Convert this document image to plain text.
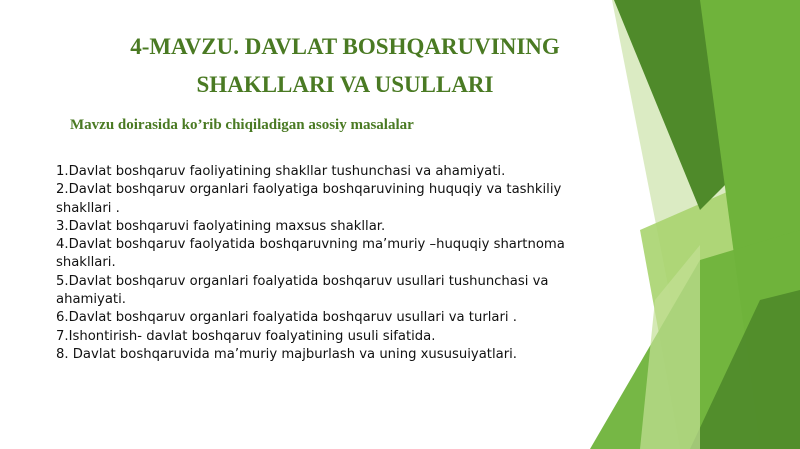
4-MAVZU. DAVLAT BOSHQARUVINING
SHAKLLARI VA USULLARI

Mavzu doirasida ko’rib chiqiladigan asosiy masalalar

1.Davlat boshqaruv faoliyatining shakllar tushunchasi va ahamiyati.
2.Davlat boshqaruv organlari faolyatiga boshqaruvining huquqiy va tashkiliy shakllari .
3.Davlat boshqaruvi faolyatining maxsus shakllar.
4.Davlat boshqaruv faolyatida boshqaruvning ma’muriy –huquqiy shartnoma shakllari.
5.Davlat boshqaruv organlari foalyatida boshqaruv usullari tushunchasi va ahamiyati.
6.Davlat boshqaruv organlari foalyatida boshqaruv usullari va turlari .
7.Ishontirish- davlat boshqaruv foalyatining usuli sifatida.
8. Davlat boshqaruvida ma’muriy majburlash va uning xususuiyatlari.
